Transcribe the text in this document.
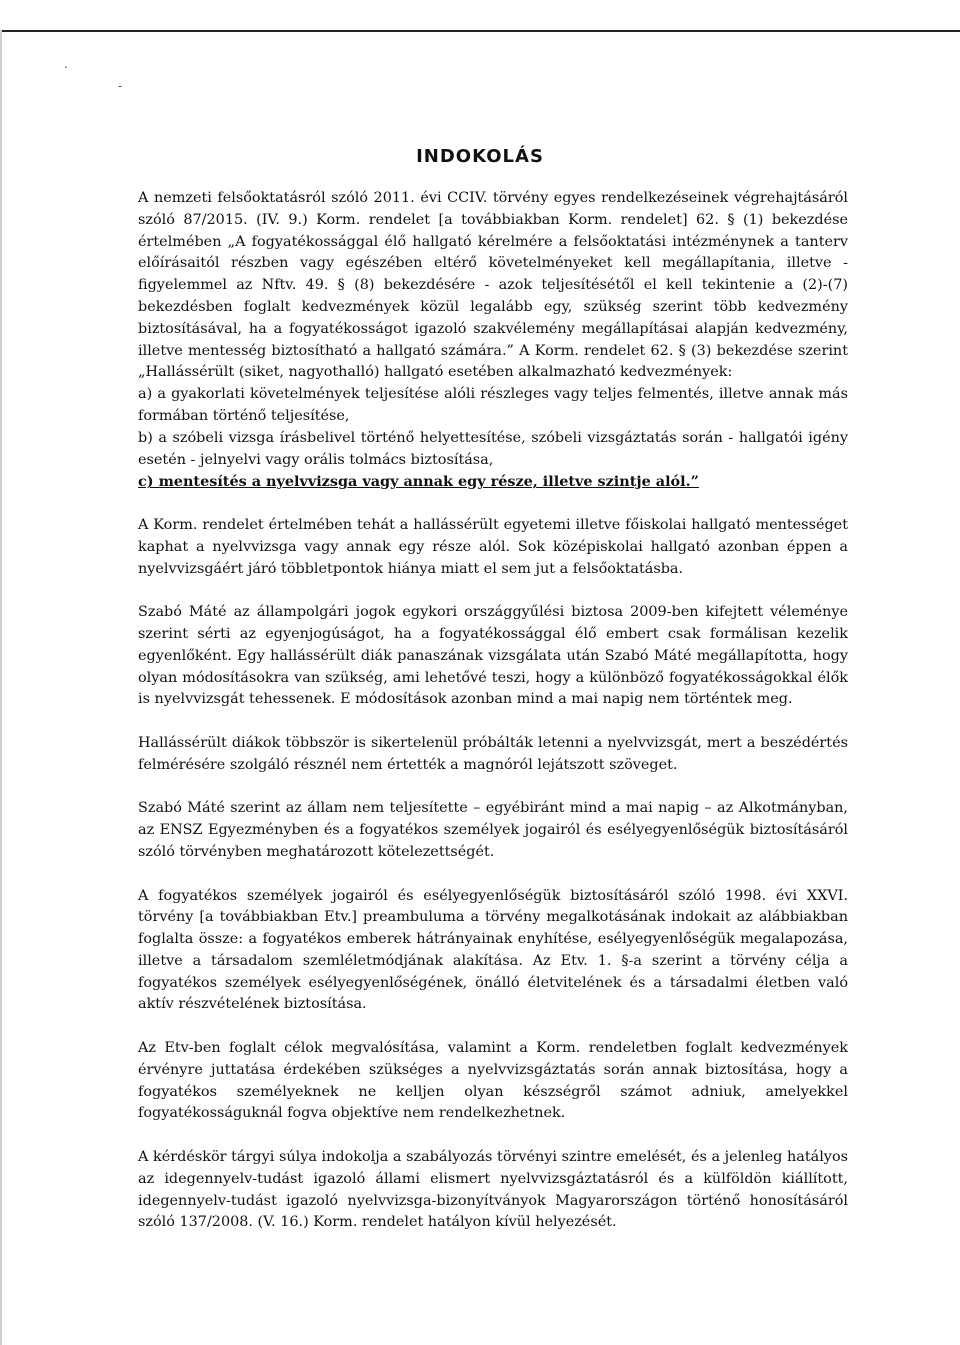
.
-
INDOKOLÁS

A nemzeti felsőoktatásról szóló 2011. évi CCIV. törvény egyes rendelkezéseinek végrehajtásáról szóló 87/2015. (IV. 9.) Korm. rendelet [a továbbiakban Korm. rendelet] 62. § (1) bekezdése értelmében „A fogyatékossággal élő hallgató kérelmére a felsőoktatási intézménynek a tanterv előírásaitól részben vagy egészében eltérő követelményeket kell megállapítania, illetve - figyelemmel az Nftv. 49. § (8) bekezdésére - azok teljesítésétől el kell tekintenie a (2)-(7) bekezdésben foglalt kedvezmények közül legalább egy, szükség szerint több kedvezmény biztosításával, ha a fogyatékosságot igazoló szakvélemény megállapításai alapján kedvezmény, illetve mentesség biztosítható a hallgató számára.” A Korm. rendelet 62. § (3) bekezdése szerint „Hallássérült (siket, nagyothalló) hallgató esetében alkalmazható kedvezmények:

a) a gyakorlati követelmények teljesítése alóli részleges vagy teljes felmentés, illetve annak más formában történő teljesítése,

b) a szóbeli vizsga írásbelivel történő helyettesítése, szóbeli vizsgáztatás során - hallgatói igény esetén - jelnyelvi vagy orális tolmács biztosítása,

c) mentesítés a nyelvvizsga vagy annak egy része, illetve szintje alól.”

A Korm. rendelet értelmében tehát a hallássérült egyetemi illetve főiskolai hallgató mentességet kaphat a nyelvvizsga vagy annak egy része alól. Sok középiskolai hallgató azonban éppen a nyelvvizsgáért járó többletpontok hiánya miatt el sem jut a felsőoktatásba.

Szabó Máté az állampolgári jogok egykori országgyűlési biztosa 2009-ben kifejtett véleménye szerint sérti az egyenjogúságot, ha a fogyatékossággal élő embert csak formálisan kezelik egyenlőként. Egy hallássérült diák panaszának vizsgálata után Szabó Máté megállapította, hogy olyan módosításokra van szükség, ami lehetővé teszi, hogy a különböző fogyatékosságokkal élők is nyelvvizsgát tehessenek. E módosítások azonban mind a mai napig nem történtek meg.

Hallássérült diákok többször is sikertelenül próbálták letenni a nyelvvizsgát, mert a beszédértés felmérésére szolgáló résznél nem értették a magnóról lejátszott szöveget.

Szabó Máté szerint az állam nem teljesítette – egyébiránt mind a mai napig – az Alkotmányban, az ENSZ Egyezményben és a fogyatékos személyek jogairól és esélyegyenlőségük biztosításáról szóló törvényben meghatározott kötelezettségét.

A fogyatékos személyek jogairól és esélyegyenlőségük biztosításáról szóló 1998. évi XXVI. törvény [a továbbiakban Etv.] preambuluma a törvény megalkotásának indokait az alábbiakban foglalta össze: a fogyatékos emberek hátrányainak enyhítése, esélyegyenlőségük megalapozása, illetve a társadalom szemléletmódjának alakítása. Az Etv. 1. §-a szerint a törvény célja a fogyatékos személyek esélyegyenlőségének, önálló életvitelének és a társadalmi életben való aktív részvételének biztosítása.

Az Etv-ben foglalt célok megvalósítása, valamint a Korm. rendeletben foglalt kedvezmények érvényre juttatása érdekében szükséges a nyelvvizsgáztatás során annak biztosítása, hogy a fogyatékos személyeknek ne kelljen olyan készségről számot adniuk, amelyekkel fogyatékosságuknál fogva objektíve nem rendelkezhetnek.

A kérdéskör tárgyi súlya indokolja a szabályozás törvényi szintre emelését, és a jelenleg hatályos az idegennyelv-tudást igazoló állami elismert nyelvvizsgáztatásról és a külföldön kiállított, idegennyelv-tudást igazoló nyelvvizsga-bizonyítványok Magyarországon történő honosításáról szóló 137/2008. (V. 16.) Korm. rendelet hatályon kívül helyezését.
